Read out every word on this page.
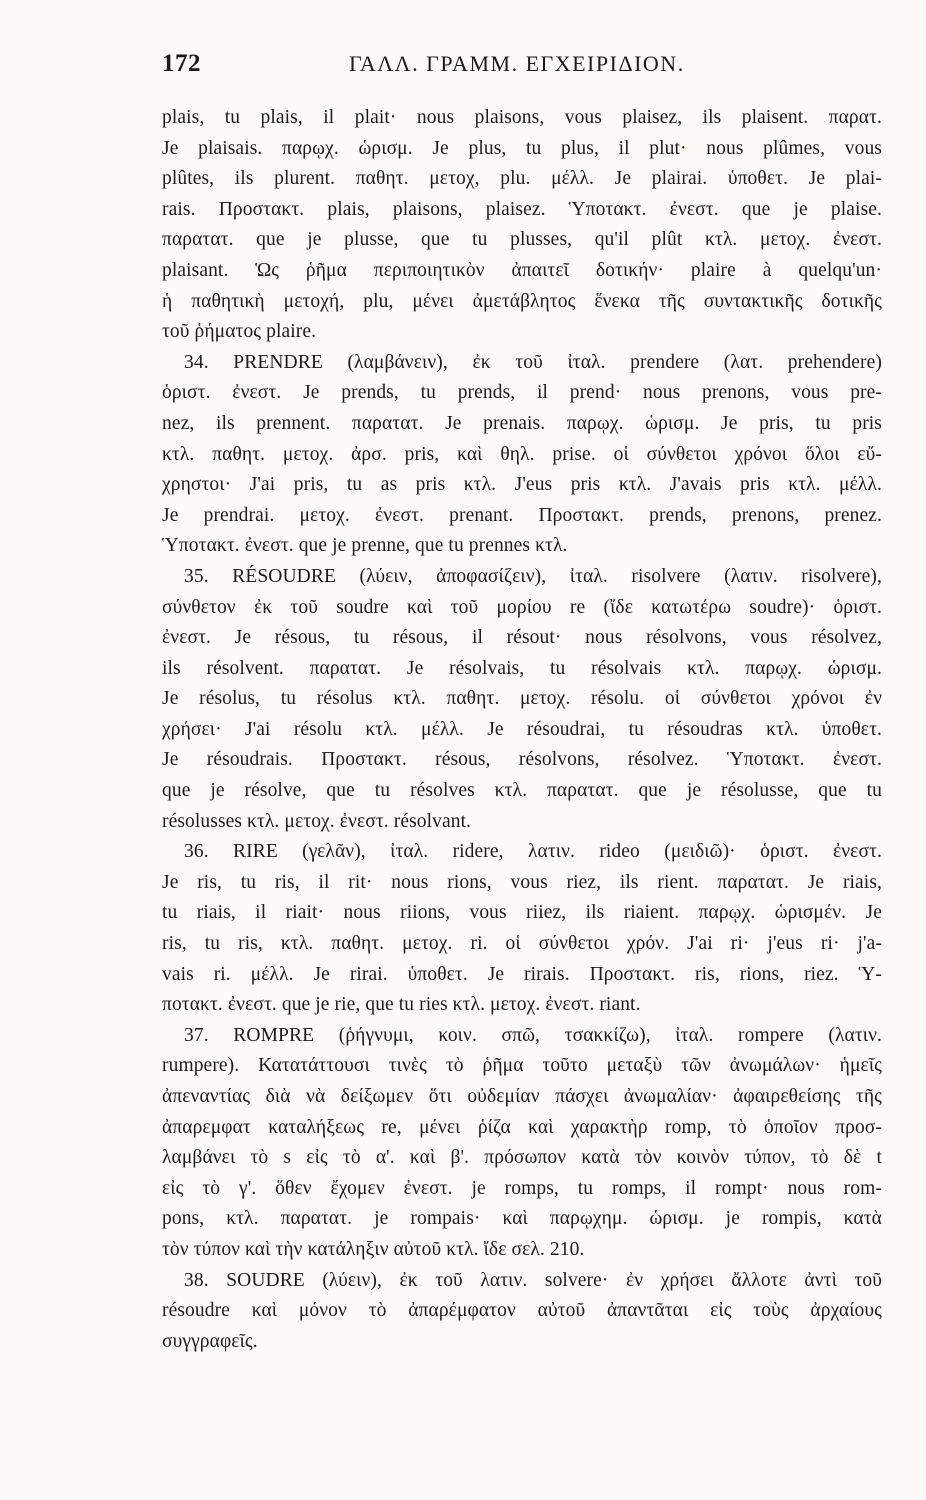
172	ΓΑΛΛ. ΓΡΑΜΜ. ΕΓΧΕΙΡΙΔΙΟΝ.
plais, tu plais, il plait· nous plaisons, vous plaisez, ils plaisent. παρατ.
Je plaisais. παρῳχ. ὡρισμ. Je plus, tu plus, il plut· nous plûmes, vous
plûtes, ils plurent. παθητ. μετοχ, plu. μέλλ. Je plairai. ὑποθετ. Je plai-
rais. Προστακτ. plais, plaisons, plaisez. Ὑποτακτ. ἐνεστ. que je plaise.
παρατατ. que je plusse, que tu plusses, qu'il plût κτλ. μετοχ. ἐνεστ.
plaisant. Ὡς ῥῆμα περιποιητικὸν ἀπαιτεῖ δοτικήν· plaire à quelqu'un·
ἡ παθητικὴ μετοχή, plu, μένει ἀμετάβλητος ἕνεκα τῆς συντακτικῆς δοτικῆς
τοῦ ῥήματος plaire.
34. PRENDRE (λαμβάνειν), ἐκ τοῦ ἰταλ. prendere (λατ. prehendere)
ὁριστ. ἐνεστ. Je prends, tu prends, il prend· nous prenons, vous pre-
nez, ils prennent. παρατατ. Je prenais. παρῳχ. ὡρισμ. Je pris, tu pris
κτλ. παθητ. μετοχ. ἀρσ. pris, καὶ θηλ. prise. οἱ σύνθετοι χρόνοι ὅλοι εὔ-
χρηστοι· J'ai pris, tu as pris κτλ. J'eus pris κτλ. J'avais pris κτλ. μέλλ.
Je prendrai. μετοχ. ἐνεστ. prenant. Προστακτ. prends, prenons, prenez.
Ὑποτακτ. ἐνεστ. que je prenne, que tu prennes κτλ.
35. RÉSOUDRE (λύειν, ἀποφασίζειν), ἰταλ. risolvere (λατιν. risolvere),
σύνθετον ἐκ τοῦ soudre καὶ τοῦ μορίου re (ἴδε κατωτέρω soudre)· ὁριστ.
ἐνεστ. Je résous, tu résous, il résout· nous résolvons, vous résolvez,
ils résolvent. παρατατ. Je résolvais, tu résolvais κτλ. παρῳχ. ὡρισμ.
Je résolus, tu résolus κτλ. παθητ. μετοχ. résolu. οἱ σύνθετοι χρόνοι ἐν
χρήσει· J'ai résolu κτλ. μέλλ. Je résoudrai, tu résoudras κτλ. ὑποθετ.
Je résoudrais. Προστακτ. résous, résolvons, résolvez. Ὑποτακτ. ἐνεστ.
que je résolve, que tu résolves κτλ. παρατατ. que je résolusse, que tu
résolusses κτλ. μετοχ. ἐνεστ. résolvant.
36. RIRE (γελᾶν), ἰταλ. ridere, λατιν. rideo (μειδιῶ)· ὁριστ. ἐνεστ.
Je ris, tu ris, il rit· nous rions, vous riez, ils rient. παρατατ. Je riais,
tu riais, il riait· nous riions, vous riiez, ils riaient. παρῳχ. ὡρισμέν. Je
ris, tu ris, κτλ. παθητ. μετοχ. ri. οἱ σύνθετοι χρόν. J'ai ri· j'eus ri· j'a-
vais ri. μέλλ. Je rirai. ὑποθετ. Je rirais. Προστακτ. ris, rions, riez. Ὑ-
ποτακτ. ἐνεστ. que je rie, que tu ries κτλ. μετοχ. ἐνεστ. riant.
37. ROMPRE (ῥήγνυμι, κοιν. σπῶ, τσακκίζω), ἰταλ. rompere (λατιν.
rumpere). Κατατάττουσι τινὲς τὸ ῥῆμα τοῦτο μεταξὺ τῶν ἀνωμάλων· ἡμεῖς
ἀπεναντίας διὰ νὰ δείξωμεν ὅτι οὐδεμίαν πάσχει ἀνωμαλίαν· ἀφαιρεθείσης τῆς
ἀπαρεμφατ καταλήξεως re, μένει ῥίζα καὶ χαρακτὴρ romp, τὸ ὁποῖον προσ-
λαμβάνει τὸ s εἰς τὸ α'. καὶ β'. πρόσωπον κατὰ τὸν κοινὸν τύπον, τὸ δὲ t
εἰς τὸ γ'. ὅθεν ἔχομεν ἐνεστ. je romps, tu romps, il rompt· nous rom-
pons, κτλ. παρατατ. je rompais· καὶ παρῳχημ. ὡρισμ. je rompis, κατὰ
τὸν τύπον καὶ τὴν κατάληξιν αὐτοῦ κτλ. ἴδε σελ. 210.
38. SOUDRE (λύειν), ἐκ τοῦ λατιν. solvere· ἐν χρήσει ἄλλοτε ἀντὶ τοῦ
résoudre καὶ μόνον τὸ ἀπαρέμφατον αὐτοῦ ἀπαντᾶται εἰς τοὺς ἀρχαίους
συγγραφεῖς.
